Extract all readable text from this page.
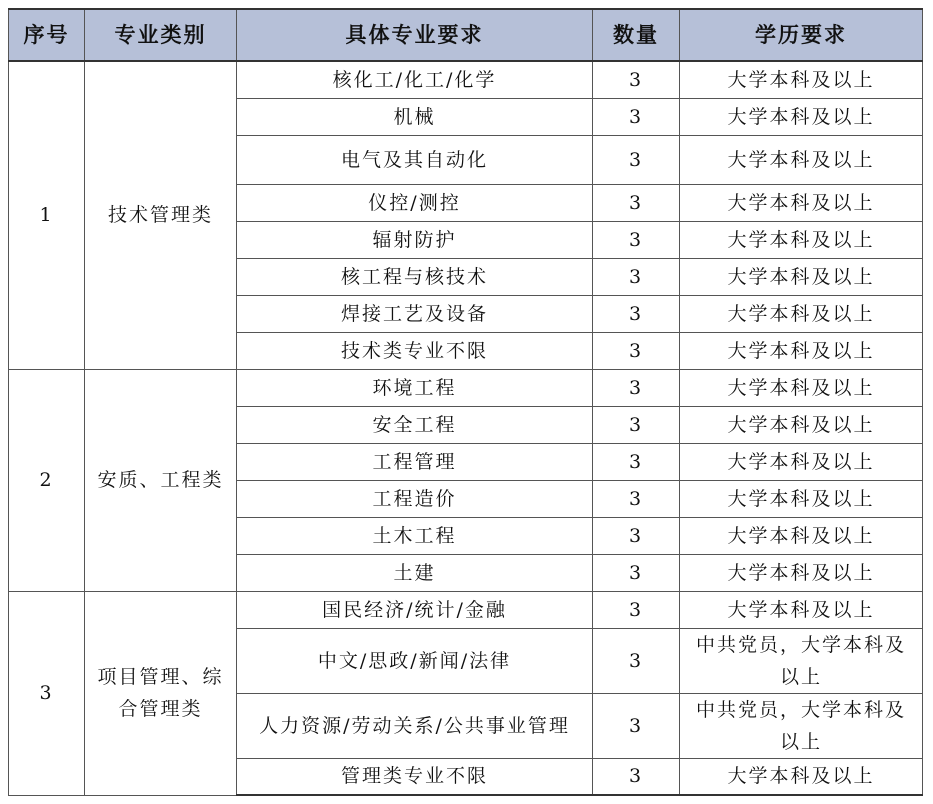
序号	专业类别	具体专业要求	数量	学历要求
1	技术管理类	核化工/化工/化学	3	大学本科及以上
		机械	3	大学本科及以上
		电气及其自动化	3	大学本科及以上
		仪控/测控	3	大学本科及以上
		辐射防护	3	大学本科及以上
		核工程与核技术	3	大学本科及以上
		焊接工艺及设备	3	大学本科及以上
		技术类专业不限	3	大学本科及以上
2	安质、工程类	环境工程	3	大学本科及以上
		安全工程	3	大学本科及以上
		工程管理	3	大学本科及以上
		工程造价	3	大学本科及以上
		土木工程	3	大学本科及以上
		土建	3	大学本科及以上
3	项目管理、综合管理类	国民经济/统计/金融	3	大学本科及以上
		中文/思政/新闻/法律	3	中共党员，大学本科及以上
		人力资源/劳动关系/公共事业管理	3	中共党员，大学本科及以上
		管理类专业不限	3	大学本科及以上
